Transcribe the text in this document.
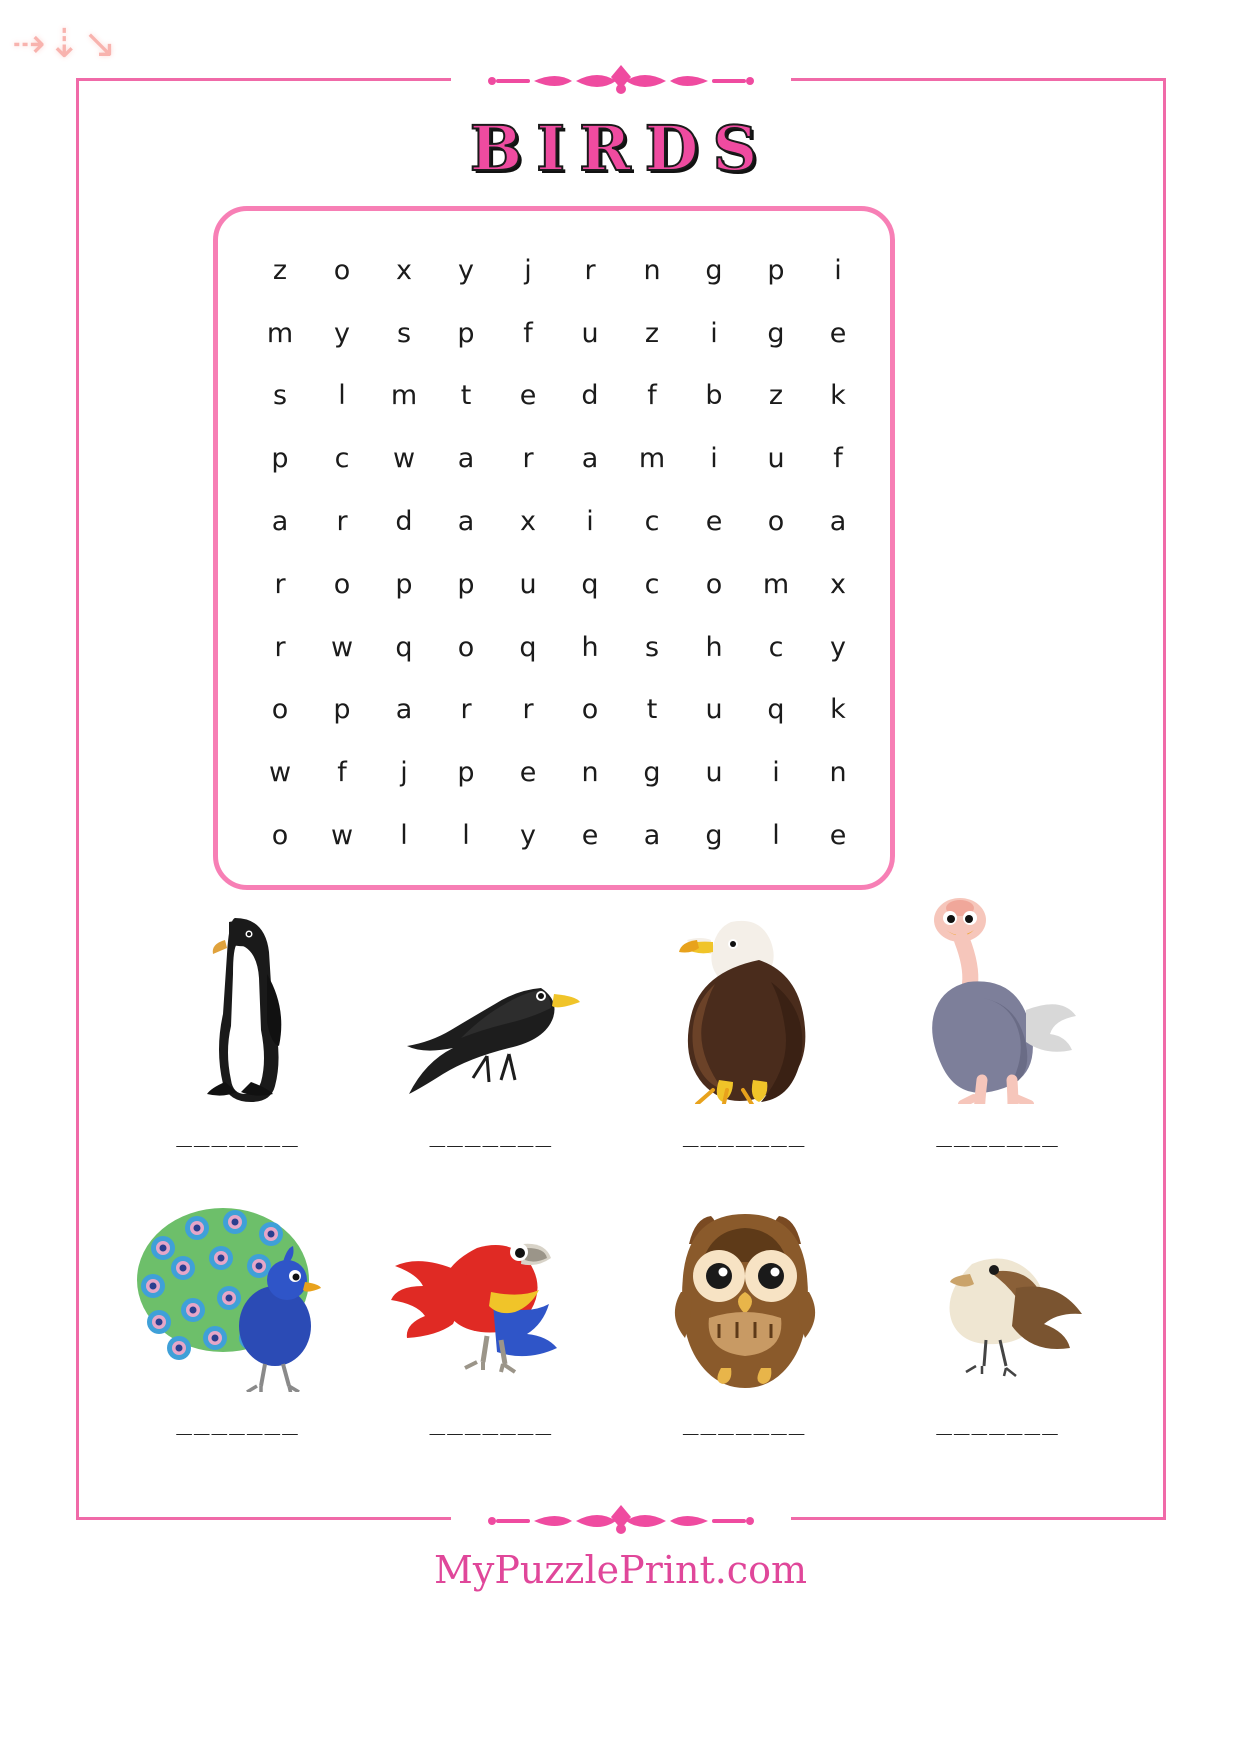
⇢⇣↘
BIRDS
z	o	x	y	j	r	n	g	p	i
m	y	s	p	f	u	z	i	g	e
s	l	m	t	e	d	f	b	z	k
p	c	w	a	r	a	m	i	u	f
a	r	d	a	x	i	c	e	o	a
r	o	p	p	u	q	c	o	m	x
r	w	q	o	q	h	s	h	c	y
o	p	a	r	r	o	t	u	q	k
w	f	j	p	e	n	g	u	i	n
o	w	l	l	y	e	a	g	l	e
_______	_______	_______	_______
_______	_______	_______	_______
MyPuzzlePrint.com
